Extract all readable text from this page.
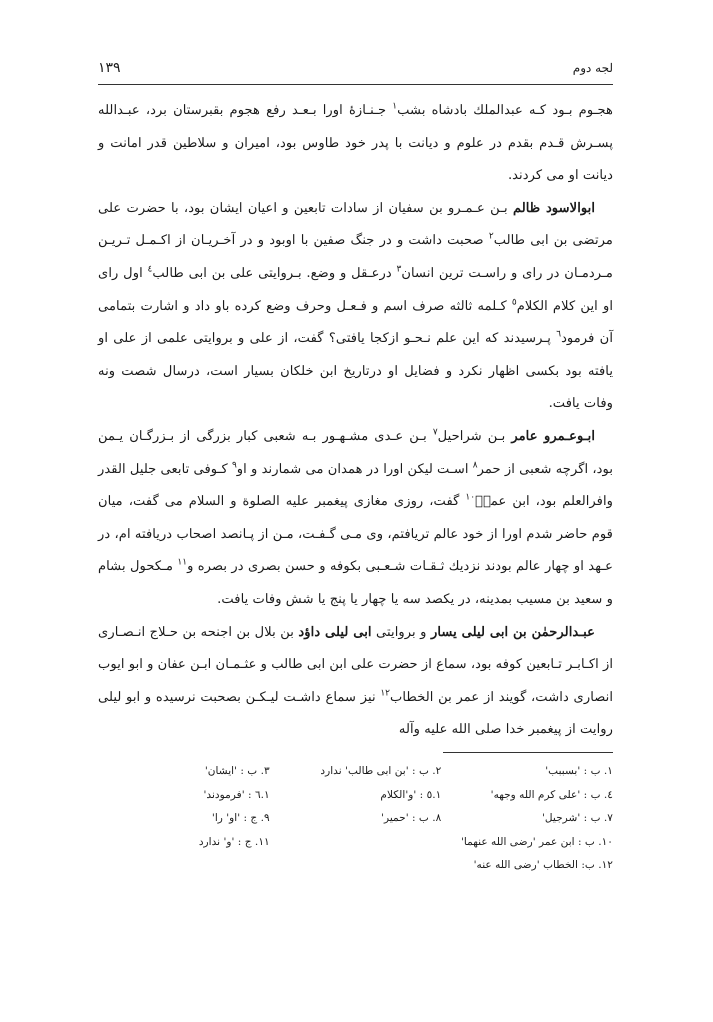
لجه دوم
۱۳۹

هجـوم بـود کـه عبدالملك بادشاه بشب$^۱$ جـنـازهٔ اورا بـعـد رفع هجوم بقبرستان برد، عبـدالله پسـرش قـدم بقدم در علوم و دیانت با پدر خود طاوس بود، امیران و سلاطین قدر امانت و دیانت او می کردند.

ابوالاسود ظالم بـن عـمـرو بن سفیان از سادات تابعین و اعیان ایشان بود، با حضرت علی مرتضی بن ابی طالب$^۲$ صحبت داشت و در جنگ صفین با اوبود و در آخـریـان از اکـمـل تـریـن مـردمـان در رای و راسـت ترین انسان$^۳$ درعـقل و وضع. بـروایتی علی بن ابی طالب$^٤$ اول رای او این کلام الکلام$^٥$ کـلمه ثالثه صرف اسم و فـعـل وحرف وضع کرده باو داد و اشارت بتمامی آن فرمود$^٦$ پـرسیدند که این علم نـحـو ازکجا یافتی؟ گفت، از علی و بروایتی علمی از علی او یافته بود بکسی اظهار نکرد و فضایل او درتاریخ ابن خلکان بسیار است، درسال شصت ونه وفات یافت.

ابـوعـمرو عامر بـن شراحیل$^۷$ بـن عـدی مشـهـور بـه شعبی کبار بزرگی از بـزرگـان یـمن بود، اگرچه شعبی از حمر$^۸$ اسـت لیکن اورا در همدان می شمارند و او$^۹$ کـوفی تابعی جلیل القدر وافرالعلم بود، ابن عمرؓ$^{۱۰}$ گفت، روزی مغازی پیغمبر علیه الصلوة و السلام می گفت، میان قوم حاضر شدم اورا از خود عالم تریافتم، وی مـی گـفـت، مـن از پـانصد اصحاب دریافته ام، در عـهد او چهار عالم بودند نزدیك ثـقـات شـعـبی بکوفه و حسن بصری در بصره و$^{۱۱}$ مـکحول بشام و سعید بن مسیب بمدینه، در یکصد سه یا چهار یا پنج یا شش وفات یافت.

عبـدالرحمٰن بن ابی لیلی یسار و بروایتی ابی لیلی داؤد بن بلال بن اجنحه بن حـلاج انـصـاری از اکـابـر تـابعین کوفه بود، سماع از حضرت علی ابن ابی طالب و عثـمـان ابـن عفان و ابو ایوب انصاری داشت، گویند از عمر بن الخطاب$^{۱۲}$ نیز سماع داشـت لیـکـن بصحبت نرسیده و ابو لیلی روایت از پیغمبر خدا صلی الله علیه وآله

۱. ب : 'بسببب'
۲. ب : 'بن ابی طالب' ندارد
۳. ب : 'ایشان'
٤. ب : 'علی کرم الله وجهه'
۱.٥ : 'و'الکلام
۱.٦ : 'فرمودند'
۷. ب : 'شرجیل'
۸. ب : 'حمیر'
۹. ج : 'او' را'
۱۰. ب : ابن عمر 'رضی الله عنهما'
۱۱. ج : 'و' ندارد
۱۲. ب: الخطاب 'رضی الله عنه'
